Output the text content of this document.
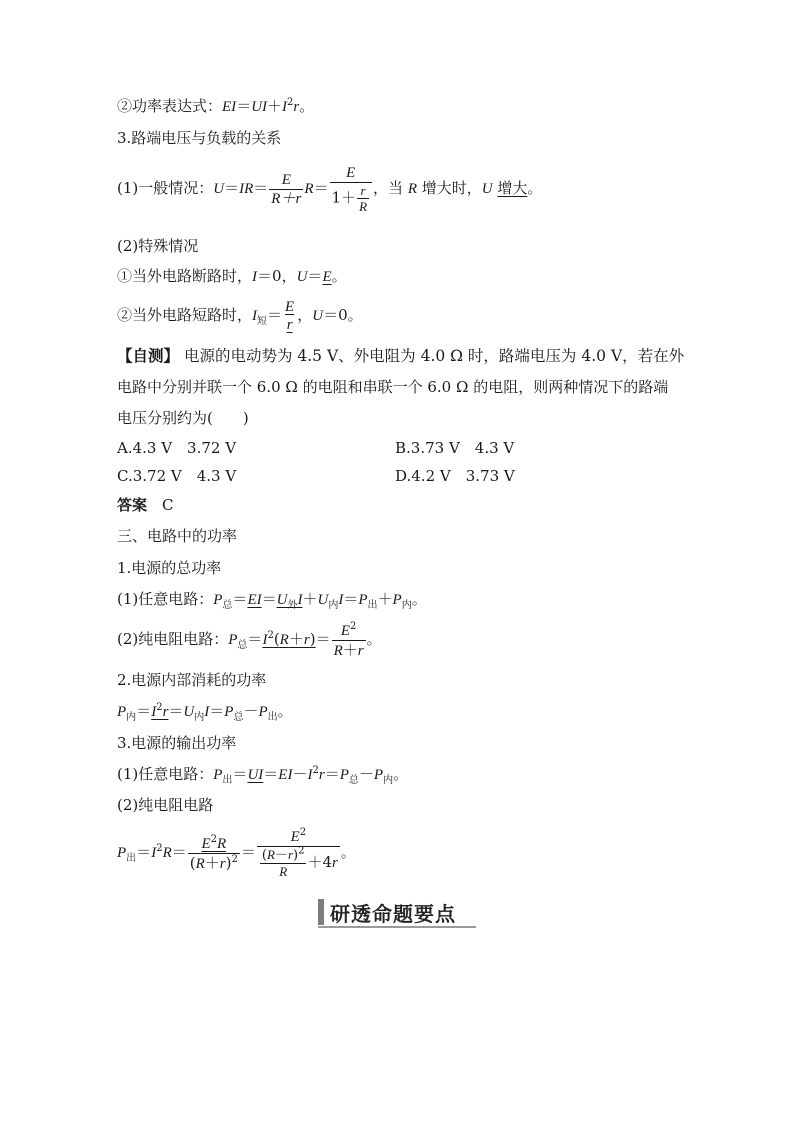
②功率表达式：$EI=UI+I^2r$。
3.路端电压与负载的关系
(1)一般情况：$U=IR= \frac{E}{R+r} R= \frac{E}{1+ \frac{r}{R}}$ ，当 R 增大时，U 增大。
(2)特殊情况
①当外电路断路时，I＝0，U＝E。
②当外电路短路时，$I_短= \frac{E}{r}$ ，U＝0。
【自测】 电源的电动势为 4.5 V、外电阻为 4.0 Ω 时，路端电压为 4.0 V，若在外
电路中分别并联一个 6.0 Ω 的电阻和串联一个 6.0 Ω 的电阻，则两种情况下的路端
电压分别约为(　　)
A.4.3 V　3.72 V	B.3.73 V　4.3 V
C.3.72 V　4.3 V	D.4.2 V　3.73 V
答案　 C
三、电路中的功率
1.电源的总功率
(1)任意电路：$P_总=EI=U_外I+U_内I=P_出+P_内$。
(2)纯电阻电路：$P_总=I^2(R+r)= \frac{E^2}{R+r}$ 。
2.电源内部消耗的功率
$P_内=I^2r=U_内I=P_总-P_出$。
3.电源的输出功率
(1)任意电路：$P_出=UI=EI-I^2r=P_总-P_内$。
(2)纯电阻电路
$P_出=I^2R= \frac{E^2R}{(R+r)^2} = \frac{E^2}{\frac{(R-r)^2}{R} +4r}$ 。
研透命题要点
